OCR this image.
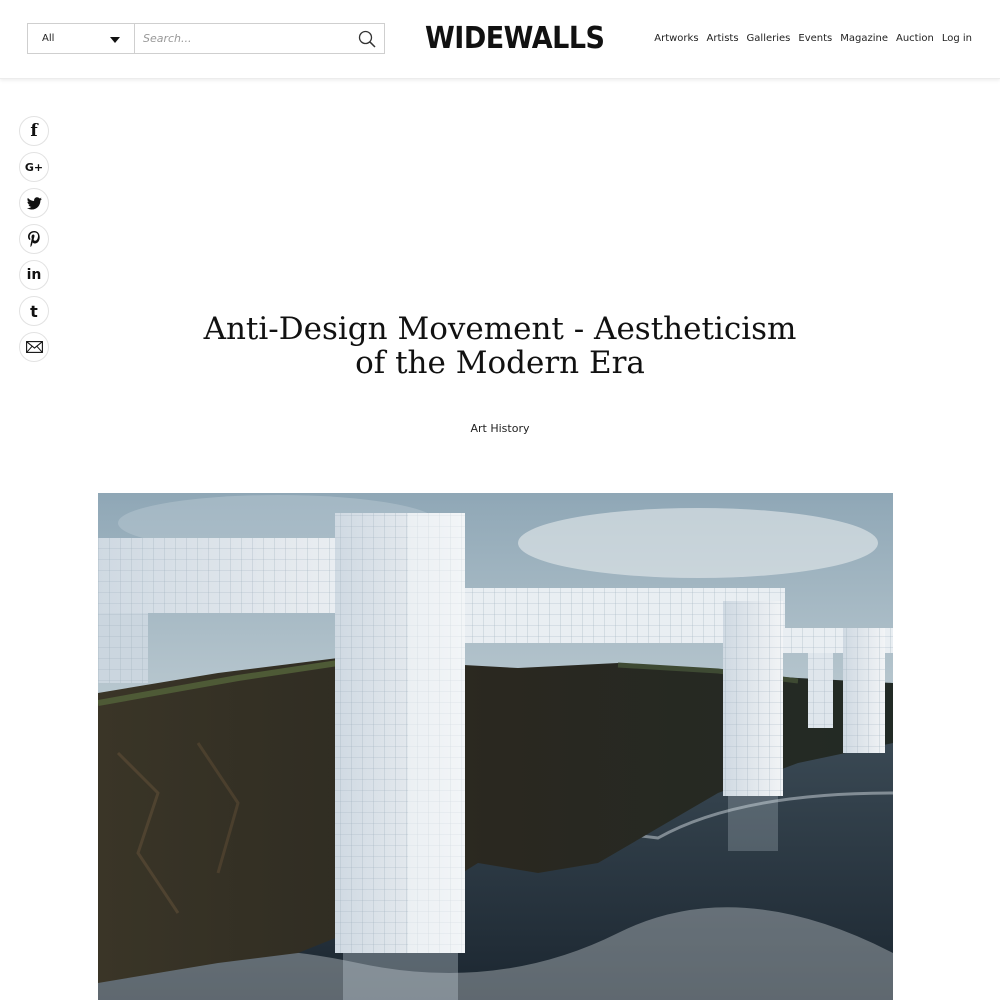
All
Search...	WIDEWALLS	Artworks Artists Galleries Events Magazine Auction Log in
f
G+
in
t	Anti-Design Movement - Aestheticism
of the Modern Era
Art History
